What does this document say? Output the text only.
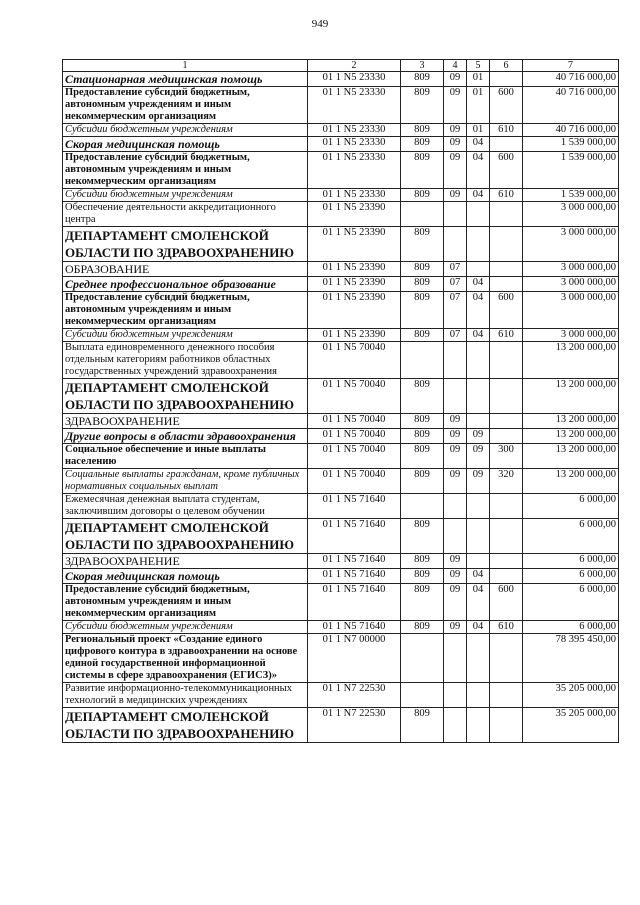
949
1	2	3	4	5	6	7
Стационарная медицинская помощь	01 1 N5 23330	809	09	01		40 716 000,00
Предоставление субсидий бюджетным, автономным учреждениям и иным некоммерческим организациям	01 1 N5 23330	809	09	01	600	40 716 000,00
Субсидии бюджетным учреждениям	01 1 N5 23330	809	09	01	610	40 716 000,00
Скорая медицинская помощь	01 1 N5 23330	809	09	04		1 539 000,00
Предоставление субсидий бюджетным, автономным учреждениям и иным некоммерческим организациям	01 1 N5 23330	809	09	04	600	1 539 000,00
Субсидии бюджетным учреждениям	01 1 N5 23330	809	09	04	610	1 539 000,00
Обеспечение деятельности аккредитационного центра	01 1 N5 23390					3 000 000,00
ДЕПАРТАМЕНТ СМОЛЕНСКОЙ ОБЛАСТИ ПО ЗДРАВООХРАНЕНИЮ	01 1 N5 23390	809				3 000 000,00
ОБРАЗОВАНИЕ	01 1 N5 23390	809	07			3 000 000,00
Среднее профессиональное образование	01 1 N5 23390	809	07	04		3 000 000,00
Предоставление субсидий бюджетным, автономным учреждениям и иным некоммерческим организациям	01 1 N5 23390	809	07	04	600	3 000 000,00
Субсидии бюджетным учреждениям	01 1 N5 23390	809	07	04	610	3 000 000,00
Выплата единовременного денежного пособия отдельным категориям работников областных государственных учреждений здравоохранения	01 1 N5 70040					13 200 000,00
ДЕПАРТАМЕНТ СМОЛЕНСКОЙ ОБЛАСТИ ПО ЗДРАВООХРАНЕНИЮ	01 1 N5 70040	809				13 200 000,00
ЗДРАВООХРАНЕНИЕ	01 1 N5 70040	809	09			13 200 000,00
Другие вопросы в области здравоохранения	01 1 N5 70040	809	09	09		13 200 000,00
Социальное обеспечение и иные выплаты населению	01 1 N5 70040	809	09	09	300	13 200 000,00
Социальные выплаты гражданам, кроме публичных нормативных социальных выплат	01 1 N5 70040	809	09	09	320	13 200 000,00
Ежемесячная денежная выплата студентам, заключившим договоры о целевом обучении	01 1 N5 71640					6 000,00
ДЕПАРТАМЕНТ СМОЛЕНСКОЙ ОБЛАСТИ ПО ЗДРАВООХРАНЕНИЮ	01 1 N5 71640	809				6 000,00
ЗДРАВООХРАНЕНИЕ	01 1 N5 71640	809	09			6 000,00
Скорая медицинская помощь	01 1 N5 71640	809	09	04		6 000,00
Предоставление субсидий бюджетным, автономным учреждениям и иным некоммерческим организациям	01 1 N5 71640	809	09	04	600	6 000,00
Субсидии бюджетным учреждениям	01 1 N5 71640	809	09	04	610	6 000,00
Региональный проект «Создание единого цифрового контура в здравоохранении на основе единой государственной информационной системы в сфере здравоохранения (ЕГИСЗ)»	01 1 N7 00000					78 395 450,00
Развитие информационно-телекоммуникационных технологий в медицинских учреждениях	01 1 N7 22530					35 205 000,00
ДЕПАРТАМЕНТ СМОЛЕНСКОЙ ОБЛАСТИ ПО ЗДРАВООХРАНЕНИЮ	01 1 N7 22530	809				35 205 000,00
